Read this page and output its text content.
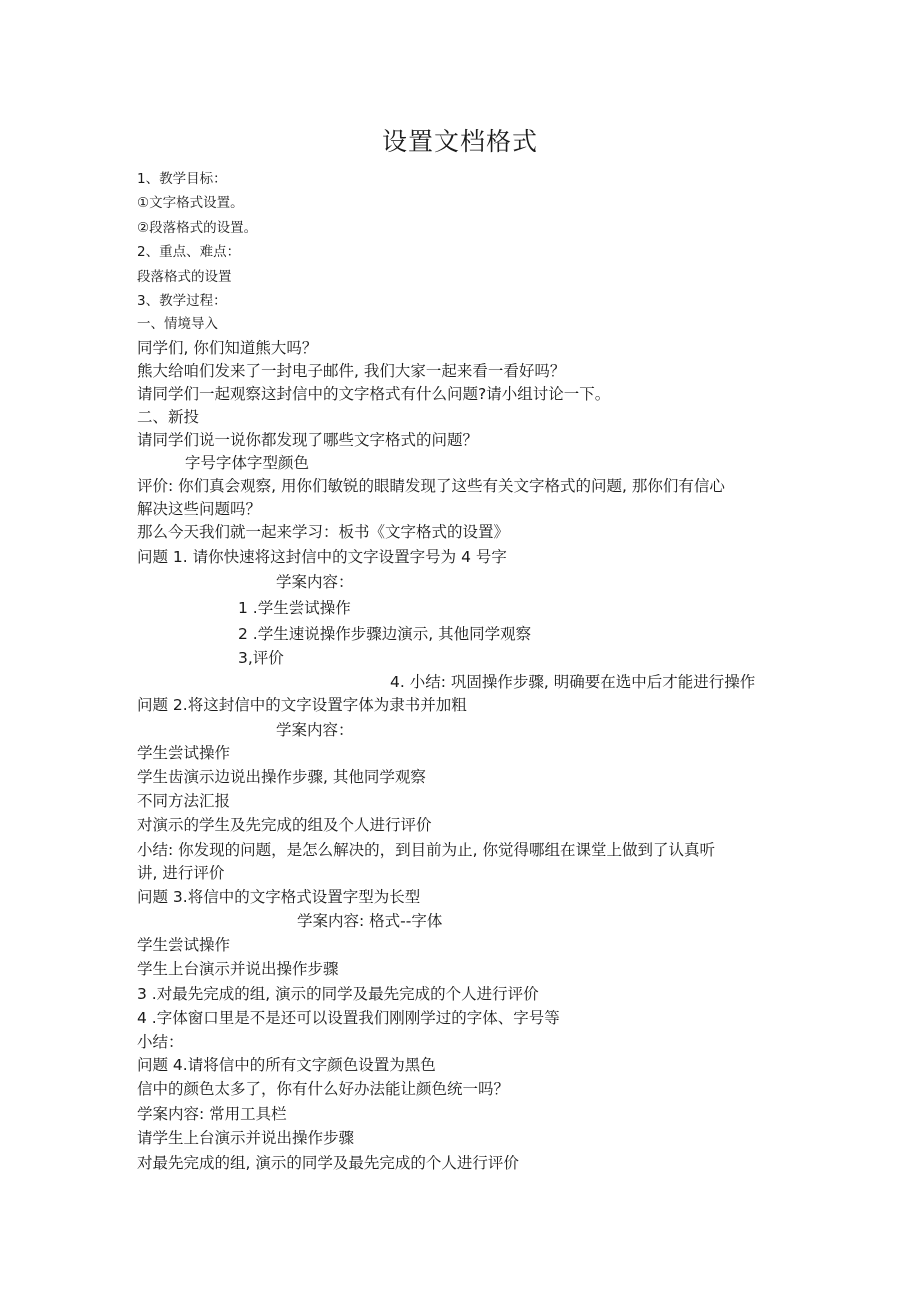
设置文档格式
1、教学目标：
①文字格式设置。
②段落格式的设置。
2、重点、难点：
段落格式的设置
3、教学过程：
一、情境导入
同学们, 你们知道熊大吗？
熊大给咱们发来了一封电子邮件, 我们大家一起来看一看好吗？
请同学们一起观察这封信中的文字格式有什么问题?请小组讨论一下。
二、新投
请同学们说一说你都发现了哪些文字格式的问题？
字号字体字型颜色
评价: 你们真会观察, 用你们敏锐的眼睛发现了这些有关文字格式的问题, 那你们有信心
解决这些问题吗？
那么今天我们就一起来学习：板书《文字格式的设置》
问题 1. 请你快速将这封信中的文字设置字号为 4 号字
学案内容：
1 .学生尝试操作
2 .学生速说操作步骤边演示, 其他同学观察
3,评价
4. 小结: 巩固操作步骤, 明确要在选中后才能进行操作
问题 2.将这封信中的文字设置字体为隶书并加粗
学案内容：
学生尝试操作
学生齿演示边说出操作步骤, 其他同学观察
不同方法汇报
对演示的学生及先完成的组及个人进行评价
小结: 你发现的问题，是怎么解决的，到目前为止, 你觉得哪组在课堂上做到了认真听
讲, 进行评价
问题 3.将信中的文字格式设置字型为长型
学案内容: 格式--字体
学生尝试操作
学生上台演示并说出操作步骤
3 .对最先完成的组, 演示的同学及最先完成的个人进行评价
4 .字体窗口里是不是还可以设置我们刚刚学过的字体、字号等
小结：
问题 4.请将信中的所有文字颜色设置为黑色
信中的颜色太多了，你有什么好办法能让颜色统一吗？
学案内容: 常用工具栏
请学生上台演示并说出操作步骤
对最先完成的组, 演示的同学及最先完成的个人进行评价
